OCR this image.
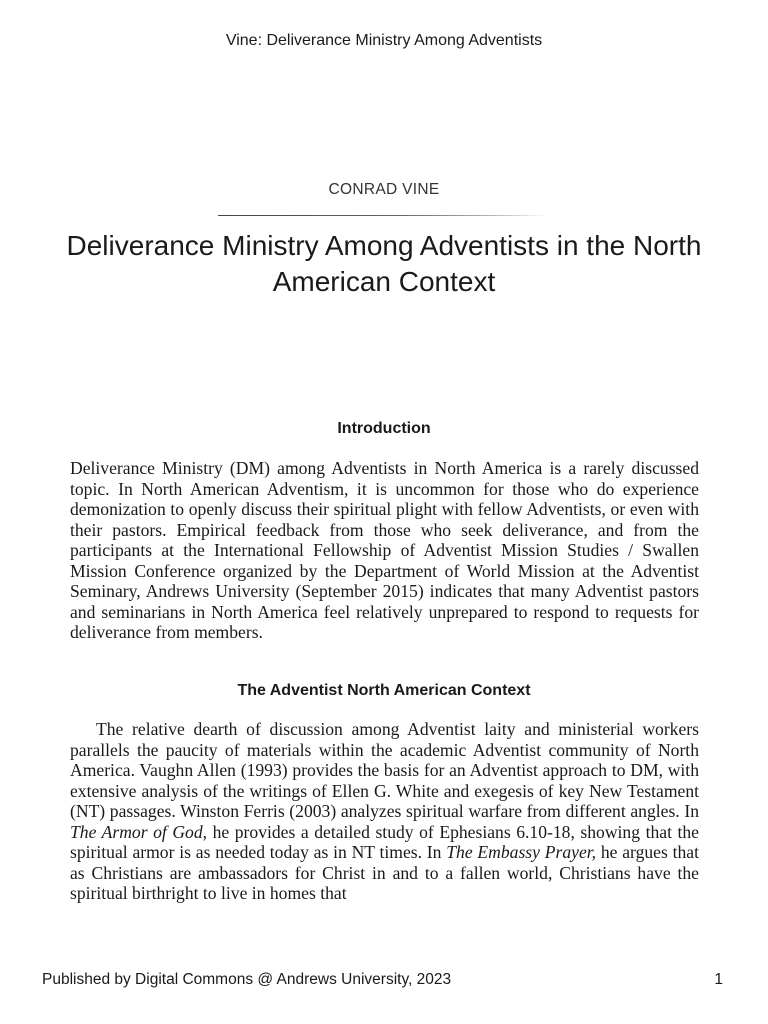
Vine: Deliverance Ministry Among Adventists
CONRAD VINE
Deliverance Ministry Among Adventists in the North American Context
Introduction

Deliverance Ministry (DM) among Adventists in North America is a rarely discussed topic. In North American Adventism, it is uncommon for those who do experience demonization to openly discuss their spiritual plight with fellow Adventists, or even with their pastors. Empirical feedback from those who seek deliverance, and from the participants at the International Fellowship of Adventist Mission Studies / Swallen Mission Conference organized by the Department of World Mission at the Adventist Seminary, Andrews University (September 2015) indicates that many Adventist pastors and seminarians in North America feel relatively unprepared to respond to requests for deliverance from members.

The Adventist North American Context

The relative dearth of discussion among Adventist laity and ministerial workers parallels the paucity of materials within the academic Adventist community of North America. Vaughn Allen (1993) provides the basis for an Adventist approach to DM, with extensive analysis of the writings of Ellen G. White and exegesis of key New Testament (NT) passages. Winston Ferris (2003) analyzes spiritual warfare from different angles. In The Armor of God, he provides a detailed study of Ephesians 6.10-18, showing that the spiritual armor is as needed today as in NT times. In The Embassy Prayer, he argues that as Christians are ambassadors for Christ in and to a fallen world, Christians have the spiritual birthright to live in homes that

Published by Digital Commons @ Andrews University, 2023	1
